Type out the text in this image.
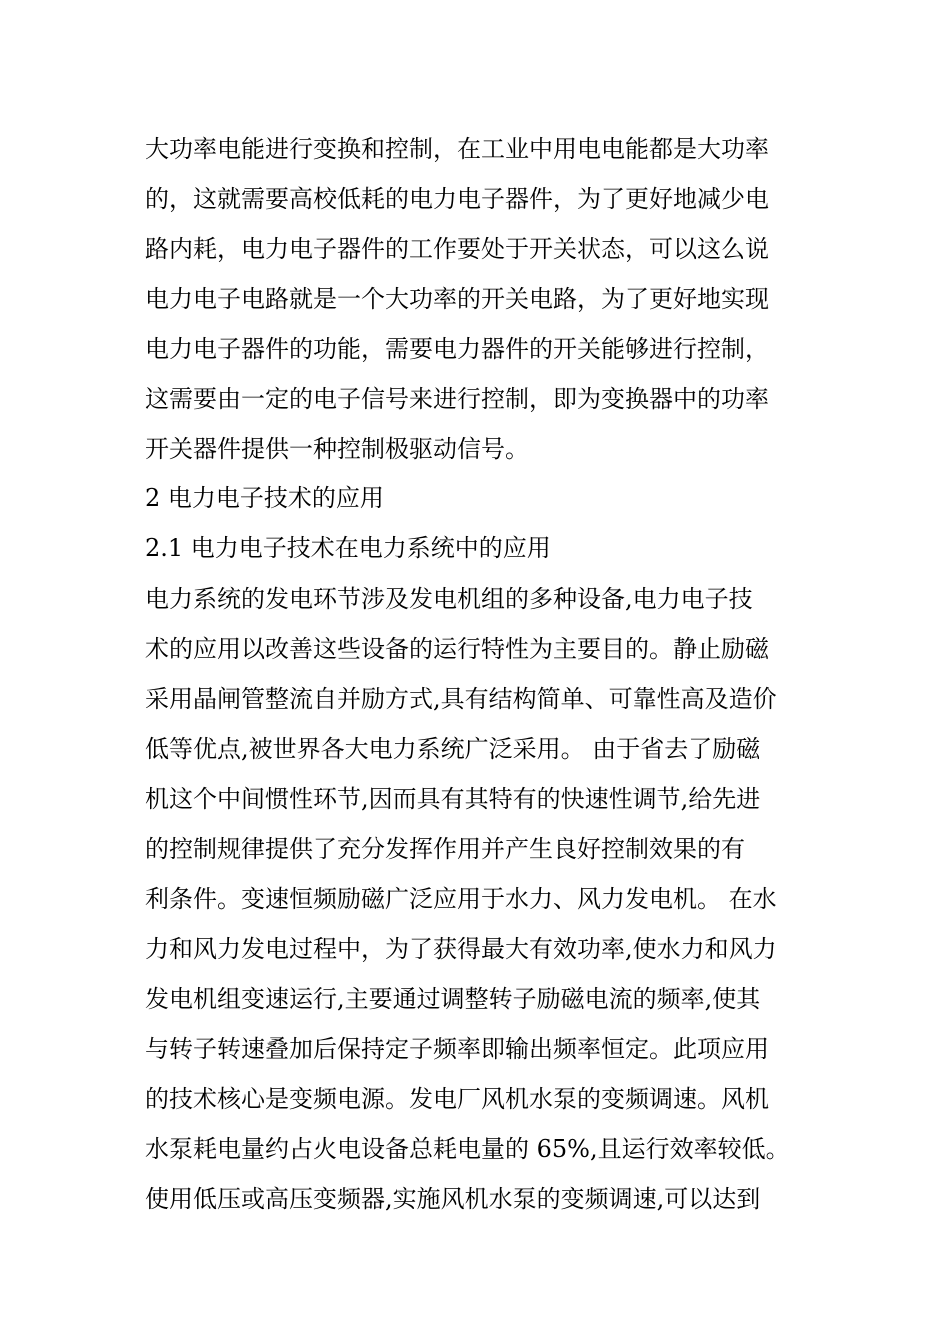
大功率电能进行变换和控制，在工业中用电电能都是大功率
的，这就需要高校低耗的电力电子器件，为了更好地减少电
路内耗，电力电子器件的工作要处于开关状态，可以这么说
电力电子电路就是一个大功率的开关电路，为了更好地实现
电力电子器件的功能，需要电力器件的开关能够进行控制，
这需要由一定的电子信号来进行控制，即为变换器中的功率
开关器件提供一种控制极驱动信号。
2 电力电子技术的应用
2.1 电力电子技术在电力系统中的应用
电力系统的发电环节涉及发电机组的多种设备,电力电子技
术的应用以改善这些设备的运行特性为主要目的。静止励磁
采用晶闸管整流自并励方式,具有结构简单、可靠性高及造价
低等优点,被世界各大电力系统广泛采用。 由于省去了励磁
机这个中间惯性环节,因而具有其特有的快速性调节,给先进
的控制规律提供了充分发挥作用并产生良好控制效果的有
利条件。变速恒频励磁广泛应用于水力、风力发电机。 在水
力和风力发电过程中，为了获得最大有效功率,使水力和风力
发电机组变速运行,主要通过调整转子励磁电流的频率,使其
与转子转速叠加后保持定子频率即输出频率恒定。此项应用
的技术核心是变频电源。发电厂风机水泵的变频调速。风机
水泵耗电量约占火电设备总耗电量的 65%,且运行效率较低。
使用低压或高压变频器,实施风机水泵的变频调速,可以达到
